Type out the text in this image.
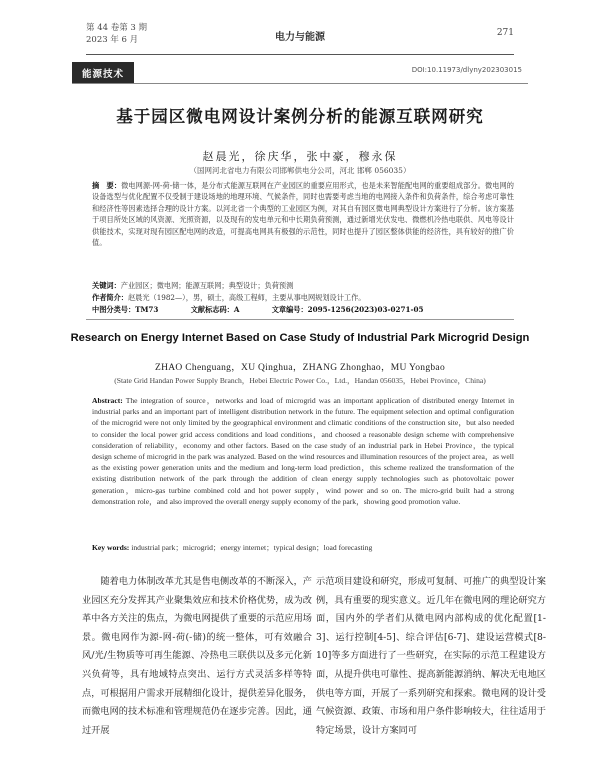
第 44 卷第 3 期
2023 年 6 月	电力与能源	271
能源技术	DOI:10.11973/dlyny202303015
基于园区微电网设计案例分析的能源互联网研究
赵晨光，徐庆华，张中豪，穆永保
（国网河北省电力有限公司邯郸供电分公司，河北 邯郸 056035）
摘　要：微电网源-网-荷-储一体，是分布式能源互联网在产业园区的重要应用形式，也是未来智能配电网的重要组成部分。微电网的设备选型与优化配置不仅受制于建设场地的地理环境、气候条件，同时也需要考虑当地的电网接入条件和负荷条件，综合考虑可靠性和经济性等因素选择合理的设计方案。以河北省一个典型的工业园区为例，对其自有园区微电网典型设计方案进行了分析。该方案基于项目所处区域的风资源、光照资源，以及现有的发电单元和中长期负荷预测，通过新增光伏发电、微燃机冷热电联供、风电等设计供能技术，实现对现有园区配电网的改造，可提高电网具有极强的示范性，同时也提升了园区整体供能的经济性，具有较好的推广价值。
关键词：产业园区；微电网；能源互联网；典型设计；负荷预测
作者简介：赵晨光（1982—），男，硕士，高级工程师，主要从事电网规划设计工作。
中图分类号：TM73	文献标志码：A	文章编号：2095-1256(2023)03-0271-05
Research on Energy Internet Based on Case Study of Industrial Park Microgrid Design
ZHAO Chenguang，XU Qinghua，ZHANG Zhonghao，MU Yongbao
(State Grid Handan Power Supply Branch，Hebei Electric Power Co.，Ltd.，Handan 056035，Hebei Province，China)
Abstract: The integration of source，networks and load of microgrid was an important application of distributed energy Internet in industrial parks and an important part of intelligent distribution network in the future. The equipment selection and optimal configuration of the microgrid were not only limited by the geographical environment and climatic conditions of the construction site，but also needed to consider the local power grid access conditions and load conditions，and choosed a reasonable design scheme with comprehensive consideration of reliability，economy and other factors. Based on the case study of an industrial park in Hebei Province，the typical design scheme of microgrid in the park was analyzed. Based on the wind resources and illumination resources of the project area，as well as the existing power generation units and the medium and long-term load prediction，this scheme realized the transformation of the existing distribution network of the park through the addition of clean energy supply technologies such as photovoltaic power generation，micro-gas turbine combined cold and hot power supply，wind power and so on. The micro-grid built had a strong demonstration role，and also improved the overall energy supply economy of the park，showing good promotion value.
Key words: industrial park；microgrid；energy internet；typical design；load forecasting
随着电力体制改革尤其是售电侧改革的不断深入，产业园区充分发挥其产业聚集效应和技术价格优势，成为改革中各方关注的焦点，为微电网提供了重要的示范应用场景。微电网作为源-网-荷(-储)的统一整体，可有效融合风/光/生物质等可再生能源、冷热电三联供以及多元化新兴负荷等，具有地域特点突出、运行方式灵活多样等特点，可根据用户需求开展精细化设计，提供差异化服务，而微电网的技术标准和管理规范仍在逐步完善。因此，通过开展
示范项目建设和研究，形成可复制、可推广的典型设计案例，具有重要的现实意义。近几年在微电网的理论研究方面，国内外的学者们从微电网内部构成的优化配置[1-3]、运行控制[4-5]、综合评估[6-7]、建设运营模式[8-10]等多方面进行了一些研究，在实际的示范工程建设方面，从提升供电可靠性、提高新能源消纳、解决无电地区供电等方面，开展了一系列研究和探索。微电网的设计受气候资源、政策、市场和用户条件影响较大，往往适用于特定场景，设计方案同可
